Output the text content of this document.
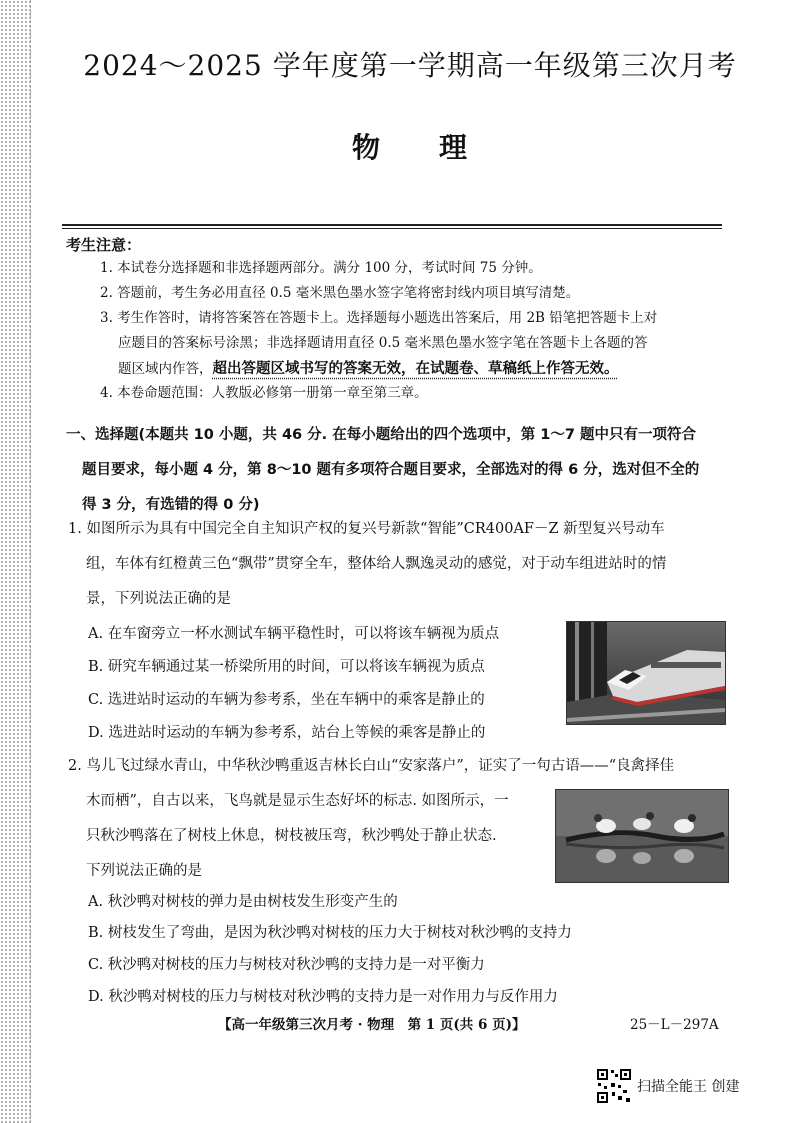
2024～2025 学年度第一学期高一年级第三次月考
物　　理
考生注意：
1. 本试卷分选择题和非选择题两部分。满分 100 分，考试时间 75 分钟。
2. 答题前，考生务必用直径 0.5 毫米黑色墨水签字笔将密封线内项目填写清楚。
3. 考生作答时，请将答案答在答题卡上。选择题每小题选出答案后，用 2B 铅笔把答题卡上对
应题目的答案标号涂黑；非选择题请用直径 0.5 毫米黑色墨水签字笔在答题卡上各题的答
题区域内作答，超出答题区域书写的答案无效，在试题卷、草稿纸上作答无效。
4. 本卷命题范围：人教版必修第一册第一章至第三章。

一、选择题(本题共 10 小题，共 46 分. 在每小题给出的四个选项中，第 1～7 题中只有一项符合

题目要求，每小题 4 分，第 8～10 题有多项符合题目要求，全部选对的得 6 分，选对但不全的

得 3 分，有选错的得 0 分)

1. 如图所示为具有中国完全自主知识产权的复兴号新款“智能”CR400AF－Z 新型复兴号动车
组，车体有红橙黄三色“飘带”贯穿全车，整体给人飘逸灵动的感觉，对于动车组进站时的情
景，下列说法正确的是
A. 在车窗旁立一杯水测试车辆平稳性时，可以将该车辆视为质点
B. 研究车辆通过某一桥梁所用的时间，可以将该车辆视为质点
C. 选进站时运动的车辆为参考系，坐在车辆中的乘客是静止的
D. 选进站时运动的车辆为参考系，站台上等候的乘客是静止的
2. 鸟儿飞过绿水青山，中华秋沙鸭重返吉林长白山“安家落户”，证实了一句古语——“良禽择佳
木而栖”，自古以来，飞鸟就是显示生态好坏的标志. 如图所示，一
只秋沙鸭落在了树枝上休息，树枝被压弯，秋沙鸭处于静止状态.
下列说法正确的是
A. 秋沙鸭对树枝的弹力是由树枝发生形变产生的
B. 树枝发生了弯曲，是因为秋沙鸭对树枝的压力大于树枝对秋沙鸭的支持力
C. 秋沙鸭对树枝的压力与树枝对秋沙鸭的支持力是一对平衡力
D. 秋沙鸭对树枝的压力与树枝对秋沙鸭的支持力是一对作用力与反作用力
【高一年级第三次月考 · 物理　第 1 页(共 6 页)】	25－L－297A
扫描全能王 创建
